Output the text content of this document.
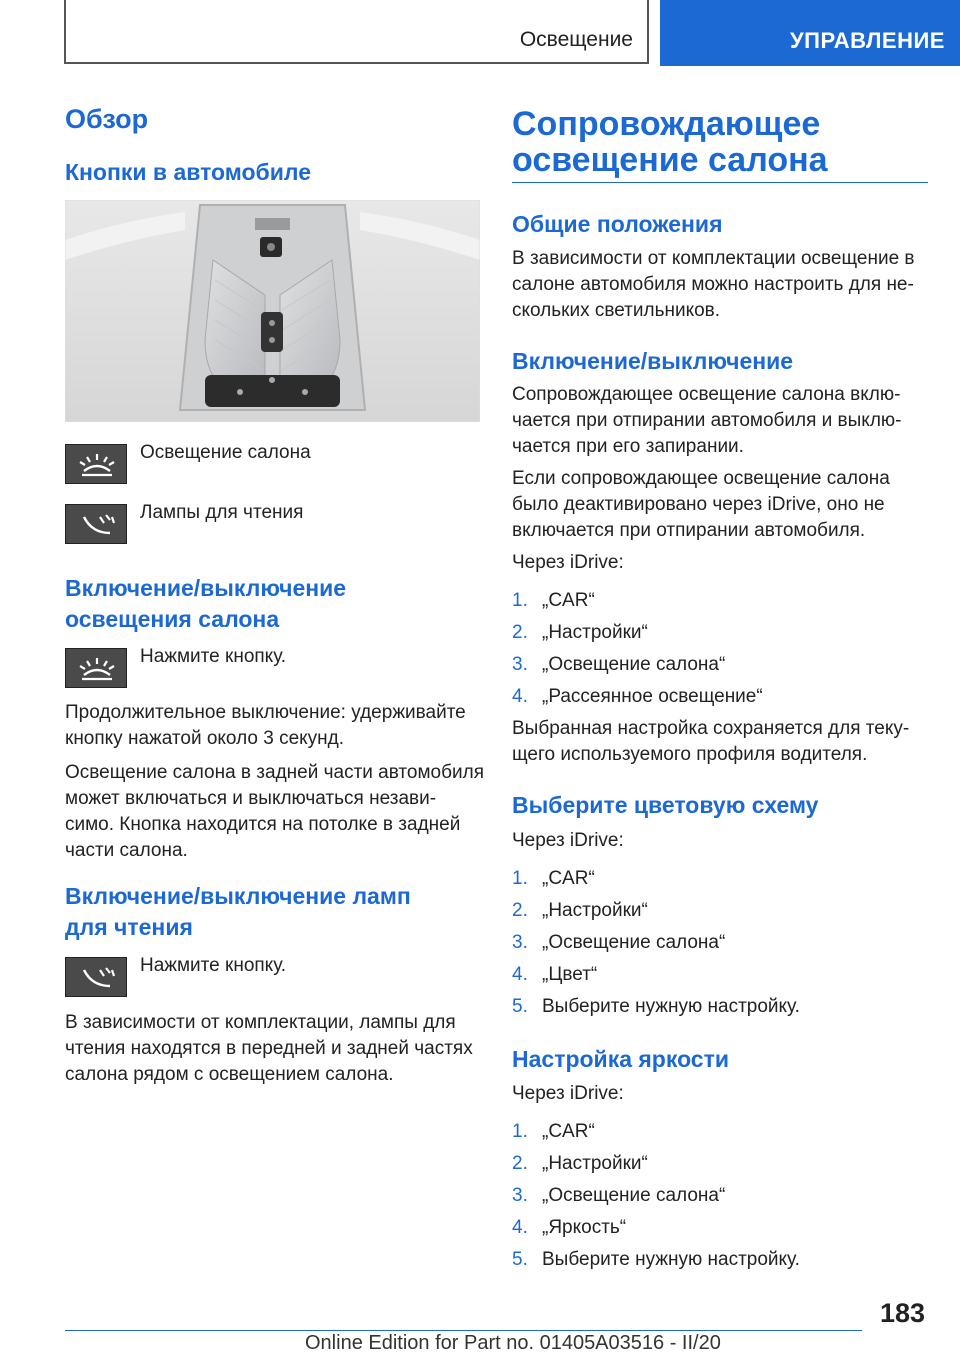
Освещение	УПРАВЛЕНИЕ
Обзор
Кнопки в автомобиле
Освещение салона
Лампы для чтения
Включение/выключение
освещения салона
Нажмите кнопку.
Продолжительное выключение: удерживайте
кнопку нажатой около 3 секунд.
Освещение салона в задней части автомобиля
может включаться и выключаться незави-
симо. Кнопка находится на потолке в задней
части салона.
Включение/выключение ламп
для чтения
Нажмите кнопку.
В зависимости от комплектации, лампы для
чтения находятся в передней и задней частях
салона рядом с освещением салона.
Сопровождающее
освещение салона
Общие положения
В зависимости от комплектации освещение в
салоне автомобиля можно настроить для не-
скольких светильников.
Включение/выключение
Сопровождающее освещение салона вклю-
чается при отпирании автомобиля и выклю-
чается при его запирании.
Если сопровождающее освещение салона
было деактивировано через iDrive, оно не
включается при отпирании автомобиля.
Через iDrive:
1. „CAR“
2. „Настройки“
3. „Освещение салона“
4. „Рассеянное освещение“
Выбранная настройка сохраняется для теку-
щего используемого профиля водителя.
Выберите цветовую схему
Через iDrive:
1. „CAR“
2. „Настройки“
3. „Освещение салона“
4. „Цвет“
5. Выберите нужную настройку.
Настройка яркости
Через iDrive:
1. „CAR“
2. „Настройки“
3. „Освещение салона“
4. „Яркость“
5. Выберите нужную настройку.
183
Online Edition for Part no. 01405A03516 - II/20
